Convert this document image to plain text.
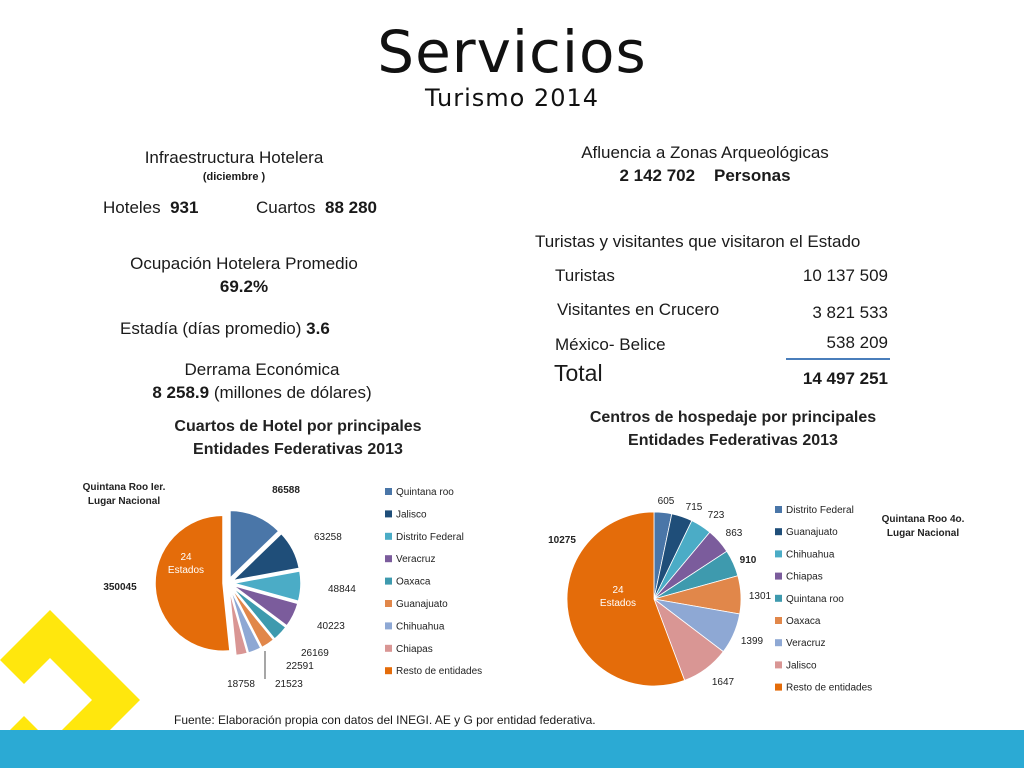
Servicios
Turismo 2014
Infraestructura Hotelera
(diciembre )
Hoteles 931	Cuartos 88 280
Ocupación Hotelera Promedio
69.2%
Estadía (días promedio) 3.6
Derrama Económica
8 258.9 (millones de dólares)
Afluencia a Zonas Arqueológicas
2 142 702 Personas
Turistas y visitantes que visitaron el Estado
Turistas	10 137 509
Visitantes en Crucero	3 821 533
México- Belice	538 209
Total	14 497 251
Cuartos de Hotel por principales Entidades Federativas 2013
Centros de hospedaje por principales Entidades Federativas 2013
Fuente: Elaboración propia con datos del INEGI. AE y G por entidad federativa.
86588
63258
48844
40223
26169
22591
21523
18758
350045
24
Estados
Quintana roo
Jalisco
Distrito Federal
Veracruz
Oaxaca
Guanajuato
Chihuahua
Chiapas
Resto de entidades
Quintana Roo Ier.
Lugar Nacional	605
715
723
863
910
1301
1399
1647
10275
24
Estados
Distrito Federal
Guanajuato
Chihuahua
Chiapas
Quintana roo
Oaxaca
Veracruz
Jalisco
Resto de entidades
Quintana Roo 4o.
Lugar Nacional
